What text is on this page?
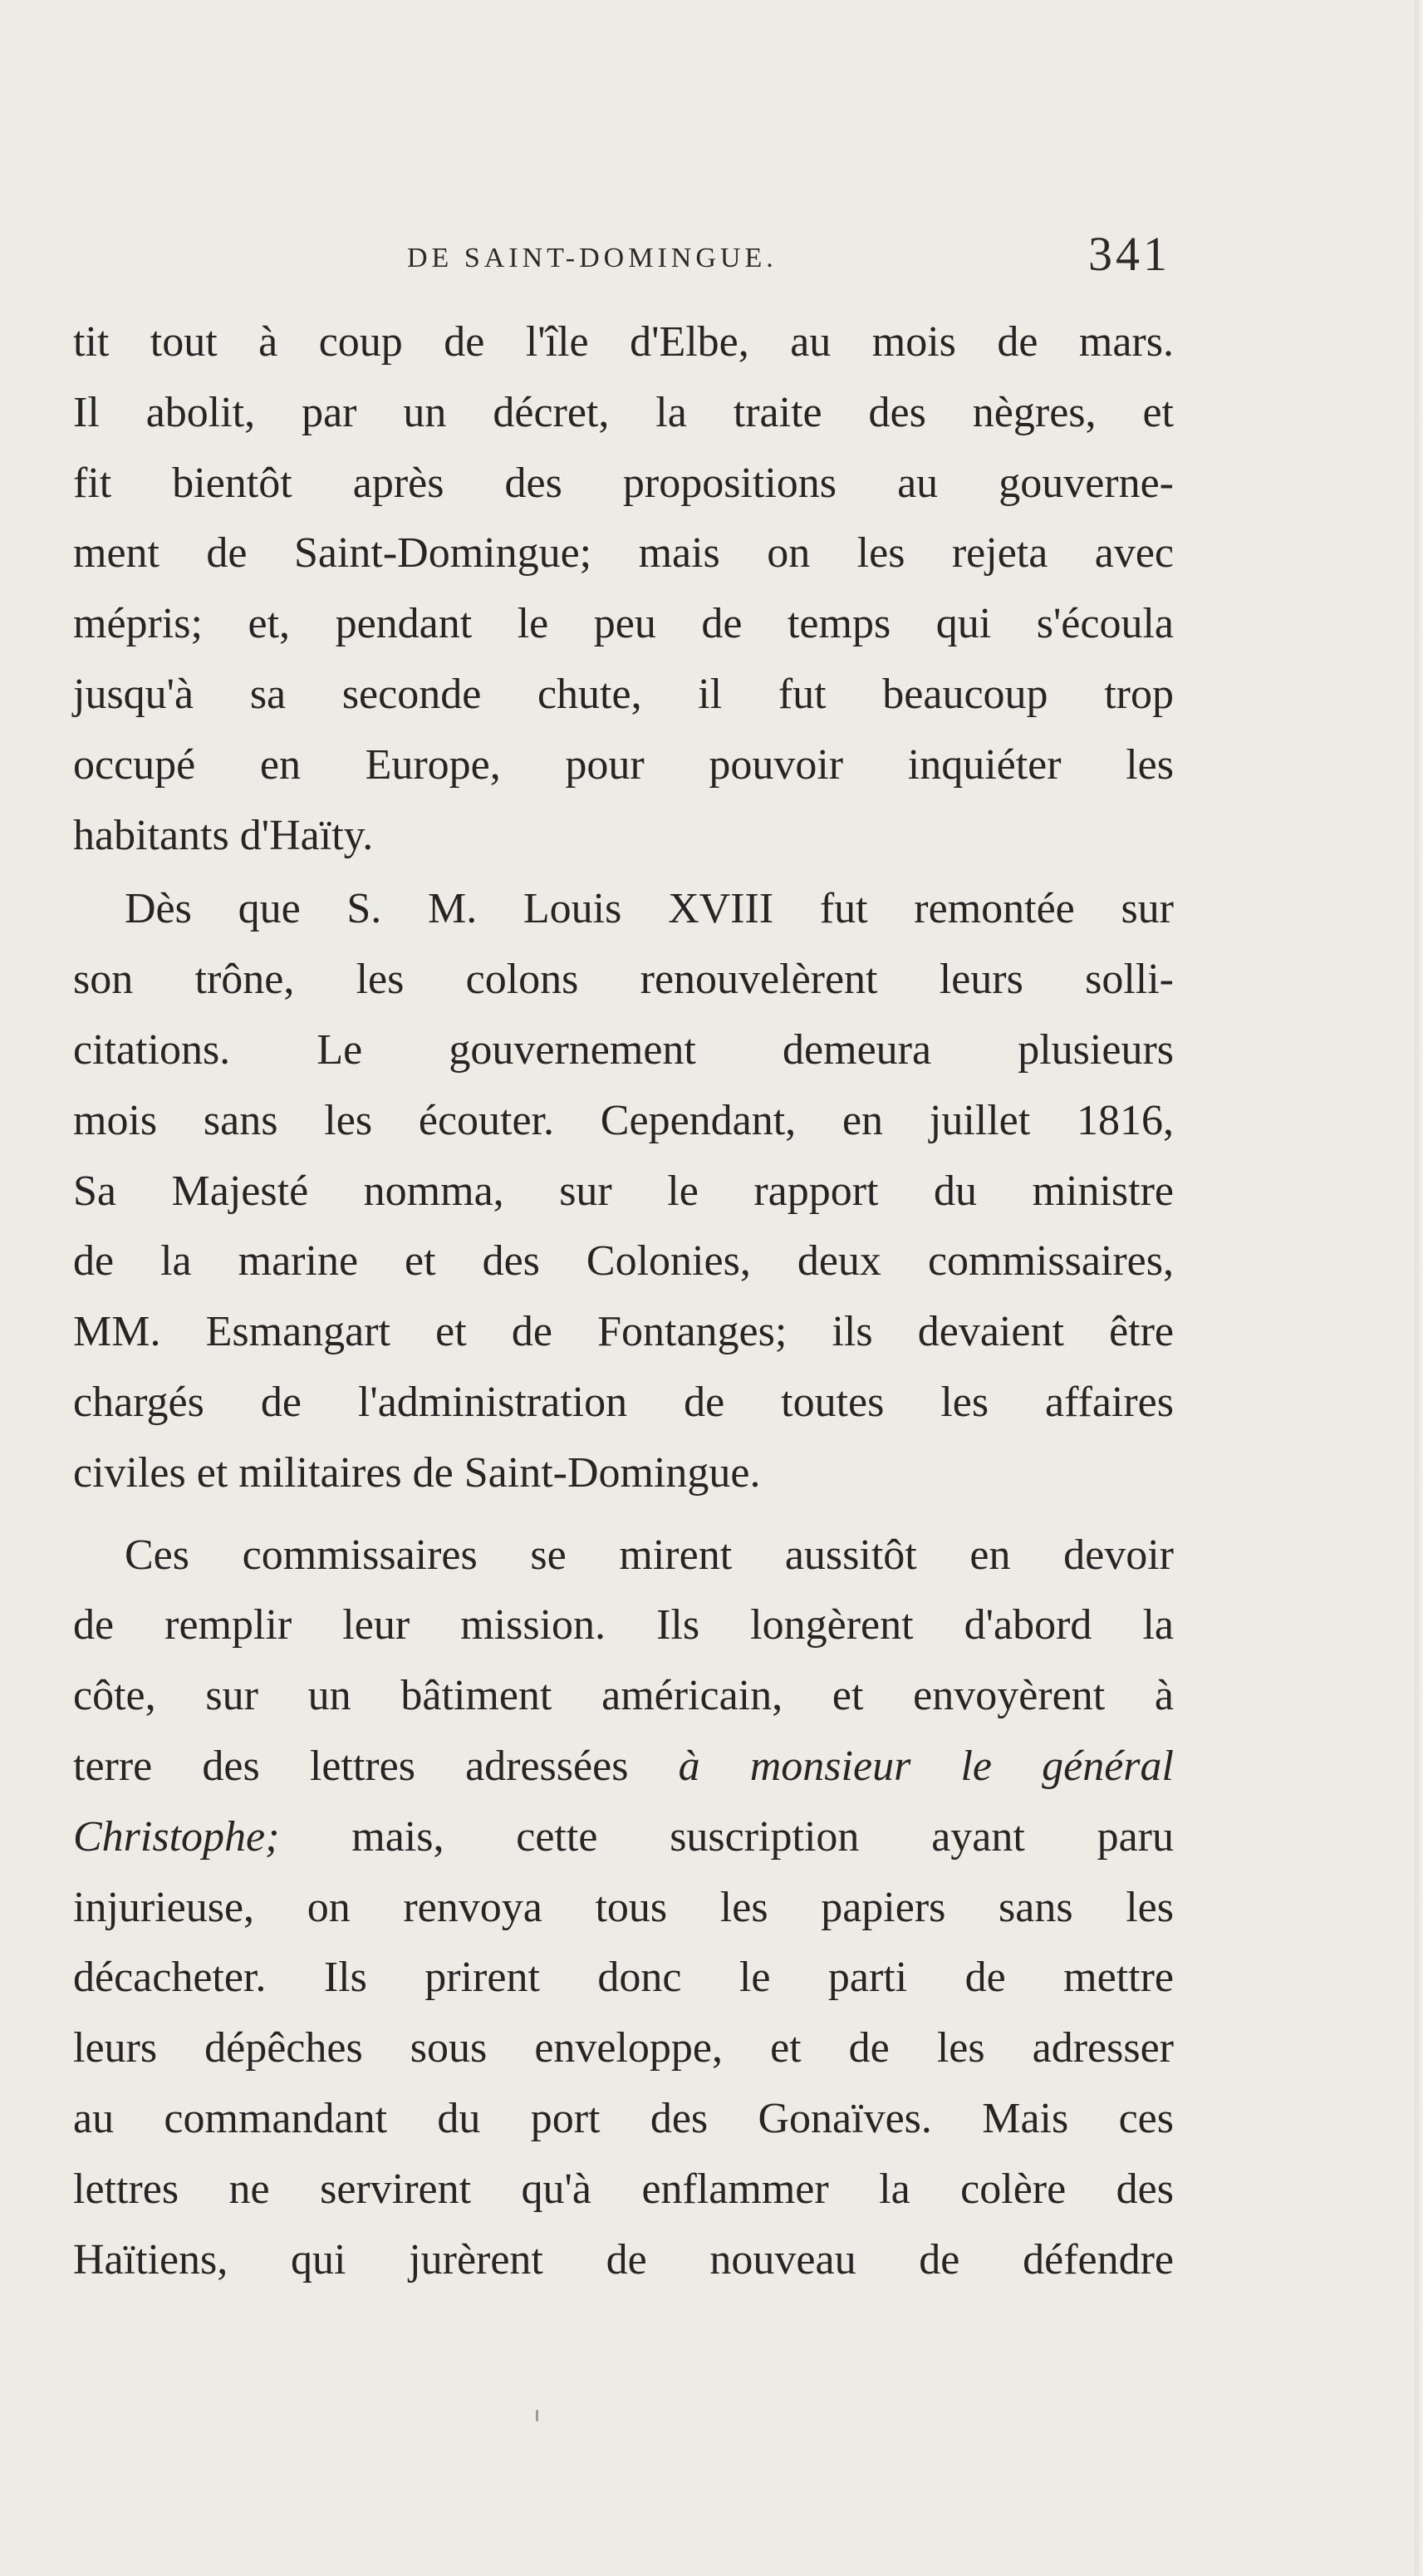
DE SAINT-DOMINGUE.	341
tit tout à coup de l'île d'Elbe, au mois de mars.
Il abolit, par un décret, la traite des nègres, et
fit bientôt après des propositions au gouverne-
ment de Saint-Domingue; mais on les rejeta avec
mépris; et, pendant le peu de temps qui s'écoula
jusqu'à sa seconde chute, il fut beaucoup trop
occupé en Europe, pour pouvoir inquiéter les
habitants d'Haïty.
Dès que S. M. Louis XVIII fut remontée sur
son trône, les colons renouvelèrent leurs solli-
citations. Le gouvernement demeura plusieurs
mois sans les écouter. Cependant, en juillet 1816,
Sa Majesté nomma, sur le rapport du ministre
de la marine et des Colonies, deux commissaires,
MM. Esmangart et de Fontanges; ils devaient être
chargés de l'administration de toutes les affaires
civiles et militaires de Saint-Domingue.
Ces commissaires se mirent aussitôt en devoir
de remplir leur mission. Ils longèrent d'abord la
côte, sur un bâtiment américain, et envoyèrent à
terre des lettres adressées à monsieur le général
Christophe; mais, cette suscription ayant paru
injurieuse, on renvoya tous les papiers sans les
décacheter. Ils prirent donc le parti de mettre
leurs dépêches sous enveloppe, et de les adresser
au commandant du port des Gonaïves. Mais ces
lettres ne servirent qu'à enflammer la colère des
Haïtiens, qui jurèrent de nouveau de défendre
